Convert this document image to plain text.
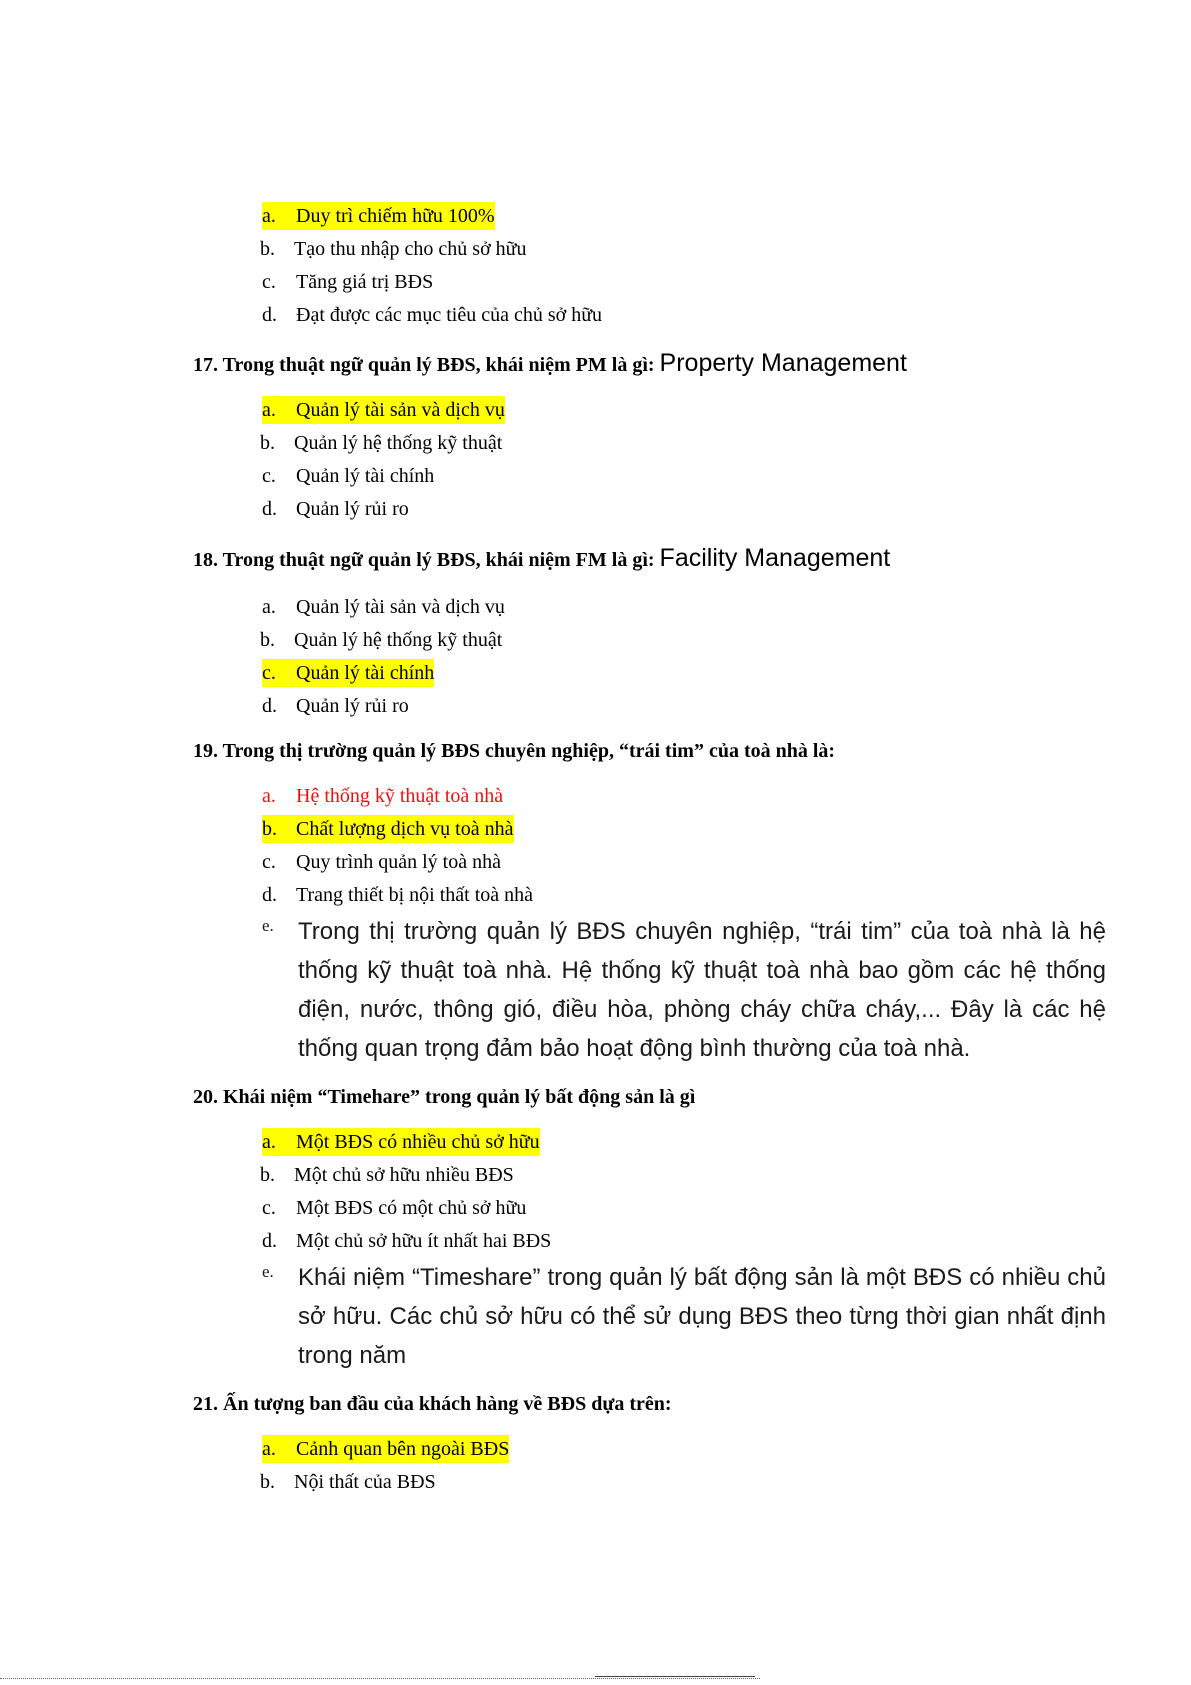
a. Duy trì chiếm hữu 100%
b. Tạo thu nhập cho chủ sở hữu
c. Tăng giá trị BĐS
d. Đạt được các mục tiêu của chủ sở hữu
17. Trong thuật ngữ quản lý BĐS, khái niệm PM là gì: Property Management
a. Quản lý tài sản và dịch vụ
b. Quản lý hệ thống kỹ thuật
c. Quản lý tài chính
d. Quản lý rủi ro
18. Trong thuật ngữ quản lý BĐS, khái niệm FM là gì: Facility Management
a. Quản lý tài sản và dịch vụ
b. Quản lý hệ thống kỹ thuật
c. Quản lý tài chính
d. Quản lý rủi ro
19. Trong thị trường quản lý BĐS chuyên nghiệp, “trái tim” của toà nhà là:
a. Hệ thống kỹ thuật toà nhà
b. Chất lượng dịch vụ toà nhà
c. Quy trình quản lý toà nhà
d. Trang thiết bị nội thất toà nhà
e. Trong thị trường quản lý BĐS chuyên nghiệp, “trái tim” của toà nhà là hệ thống kỹ thuật toà nhà. Hệ thống kỹ thuật toà nhà bao gồm các hệ thống điện, nước, thông gió, điều hòa, phòng cháy chữa cháy,... Đây là các hệ thống quan trọng đảm bảo hoạt động bình thường của toà nhà.
20. Khái niệm “Timehare” trong quản lý bất động sản là gì
a. Một BĐS có nhiều chủ sở hữu
b. Một chủ sở hữu nhiều BĐS
c. Một BĐS có một chủ sở hữu
d. Một chủ sở hữu ít nhất hai BĐS
e. Khái niệm “Timeshare” trong quản lý bất động sản là một BĐS có nhiều chủ sở hữu. Các chủ sở hữu có thể sử dụng BĐS theo từng thời gian nhất định trong năm
21. Ấn tượng ban đầu của khách hàng về BĐS dựa trên:
a. Cảnh quan bên ngoài BĐS
b. Nội thất của BĐS
